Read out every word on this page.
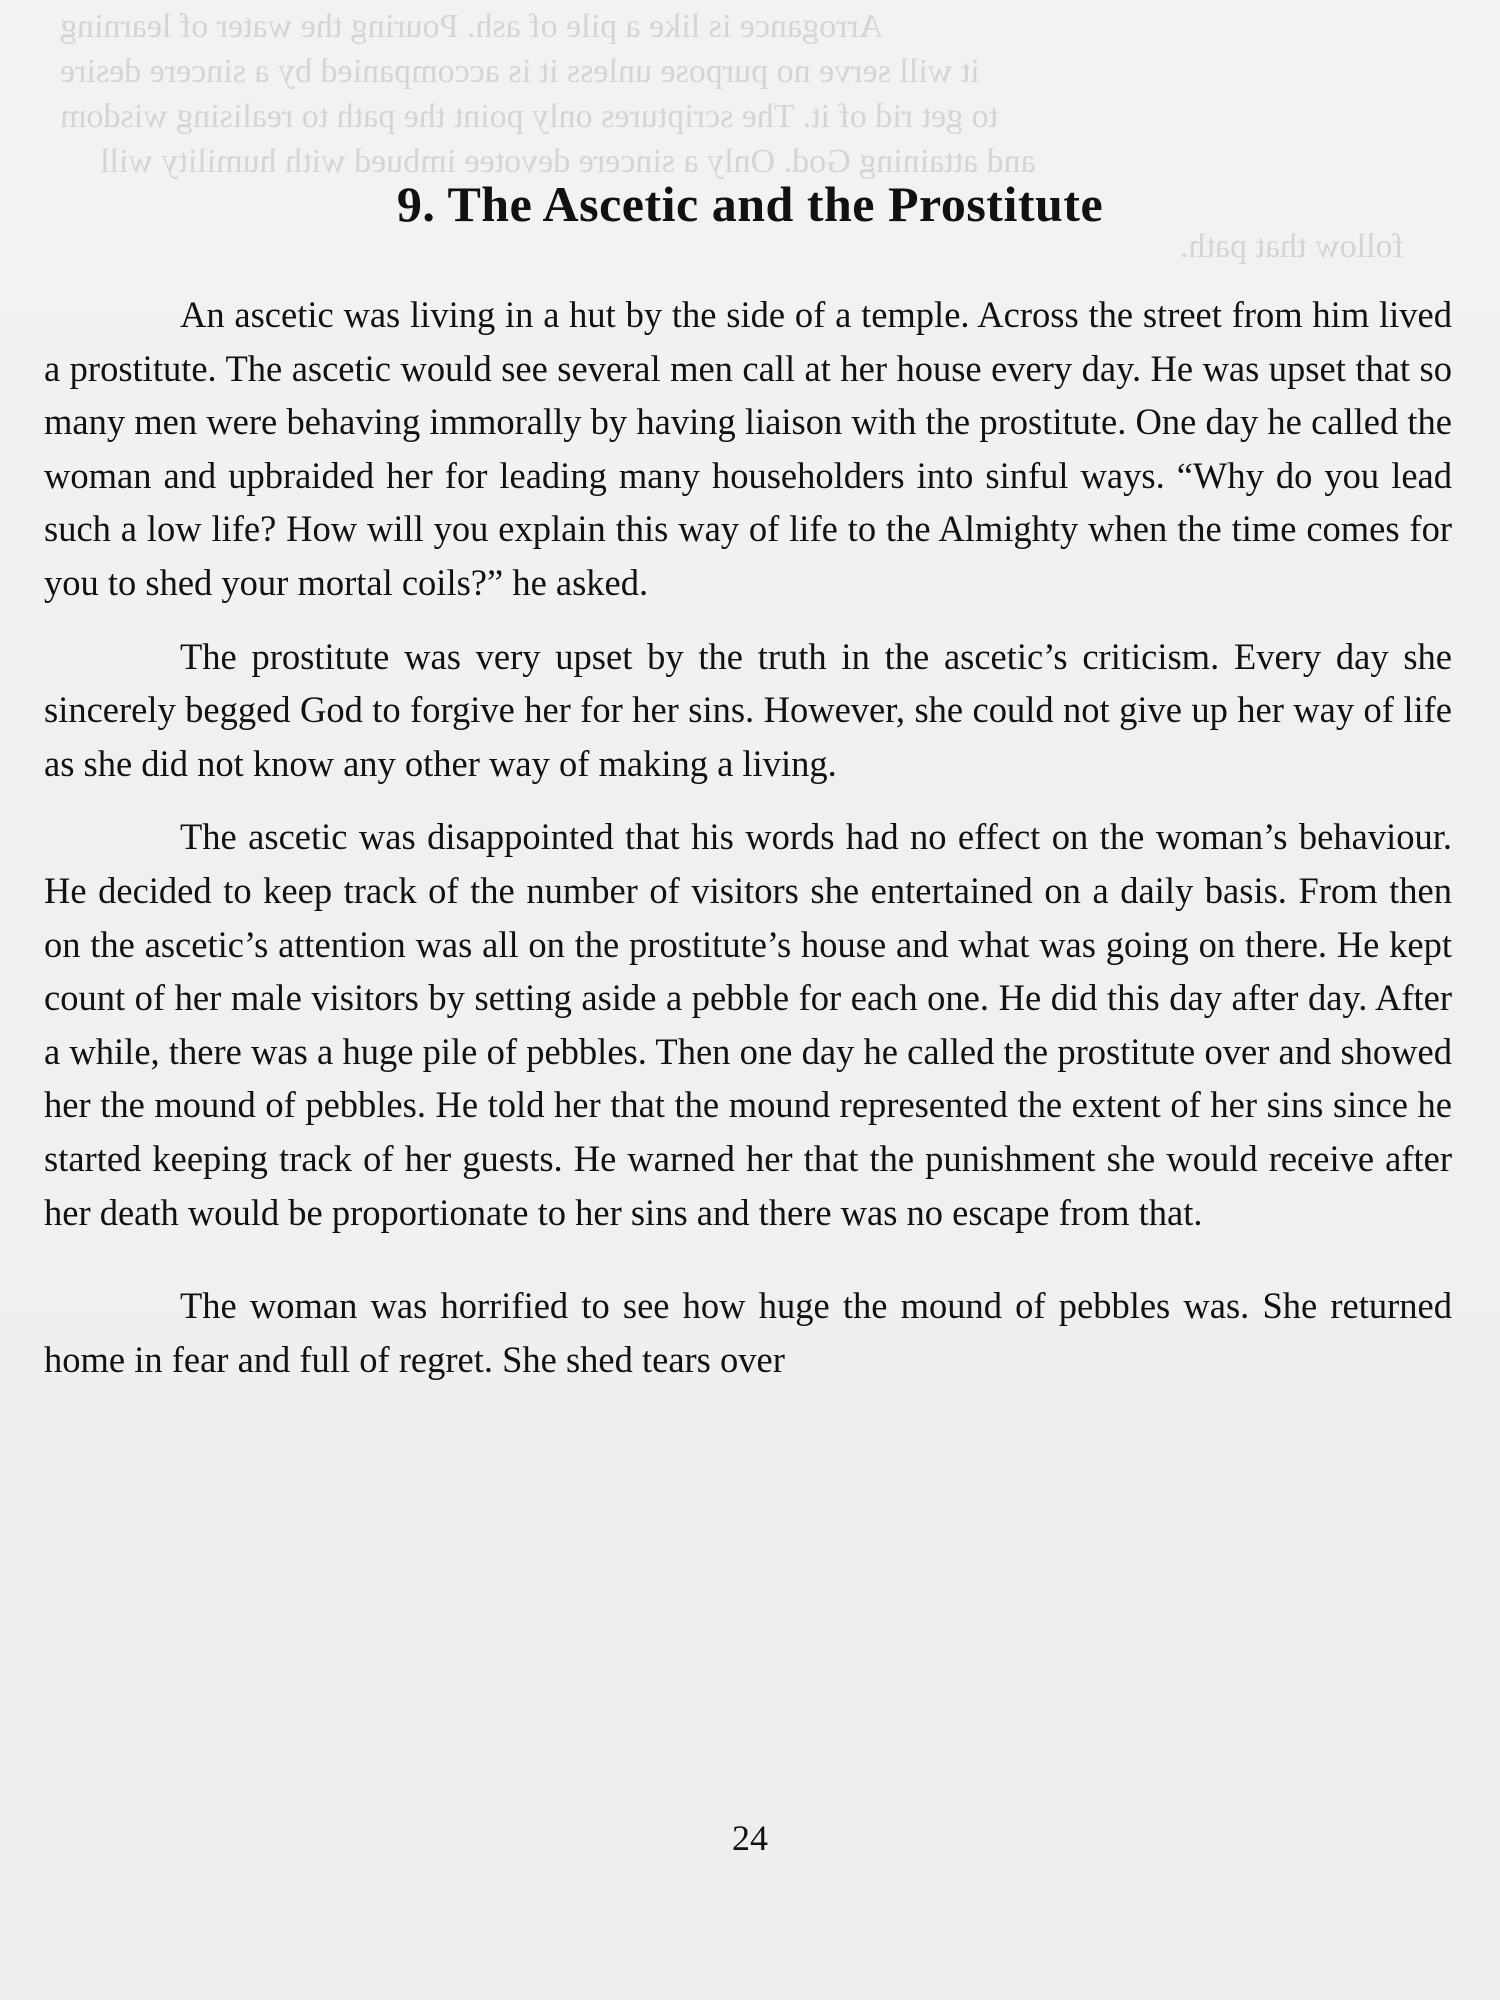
Arrogance is like a pile of ash. Pouring the water of learning
it will serve no purpose unless it is accompanied by a sincere desire
to get rid of it. The scriptures only point the path to realising wisdom
and attaining God. Only a sincere devotee imbued with humility will
follow that path.
9. The Ascetic and the Prostitute

An ascetic was living in a hut by the side of a temple. Across the street from him lived a prostitute. The ascetic would see several men call at her house every day. He was upset that so many men were behaving immorally by having liaison with the prostitute. One day he called the woman and upbraided her for leading many householders into sinful ways. “Why do you lead such a low life? How will you explain this way of life to the Almighty when the time comes for you to shed your mortal coils?” he asked.

The prostitute was very upset by the truth in the ascetic’s criticism. Every day she sincerely begged God to forgive her for her sins. However, she could not give up her way of life as she did not know any other way of making a living.

The ascetic was disappointed that his words had no effect on the woman’s behaviour. He decided to keep track of the number of visitors she entertained on a daily basis. From then on the ascetic’s attention was all on the prostitute’s house and what was going on there. He kept count of her male visitors by setting aside a pebble for each one. He did this day after day. After a while, there was a huge pile of pebbles. Then one day he called the prostitute over and showed her the mound of pebbles. He told her that the mound represented the extent of her sins since he started keeping track of her guests. He warned her that the punishment she would receive after her death would be proportionate to her sins and there was no escape from that.

The woman was horrified to see how huge the mound of pebbles was. She returned home in fear and full of regret. She shed tears over

24
